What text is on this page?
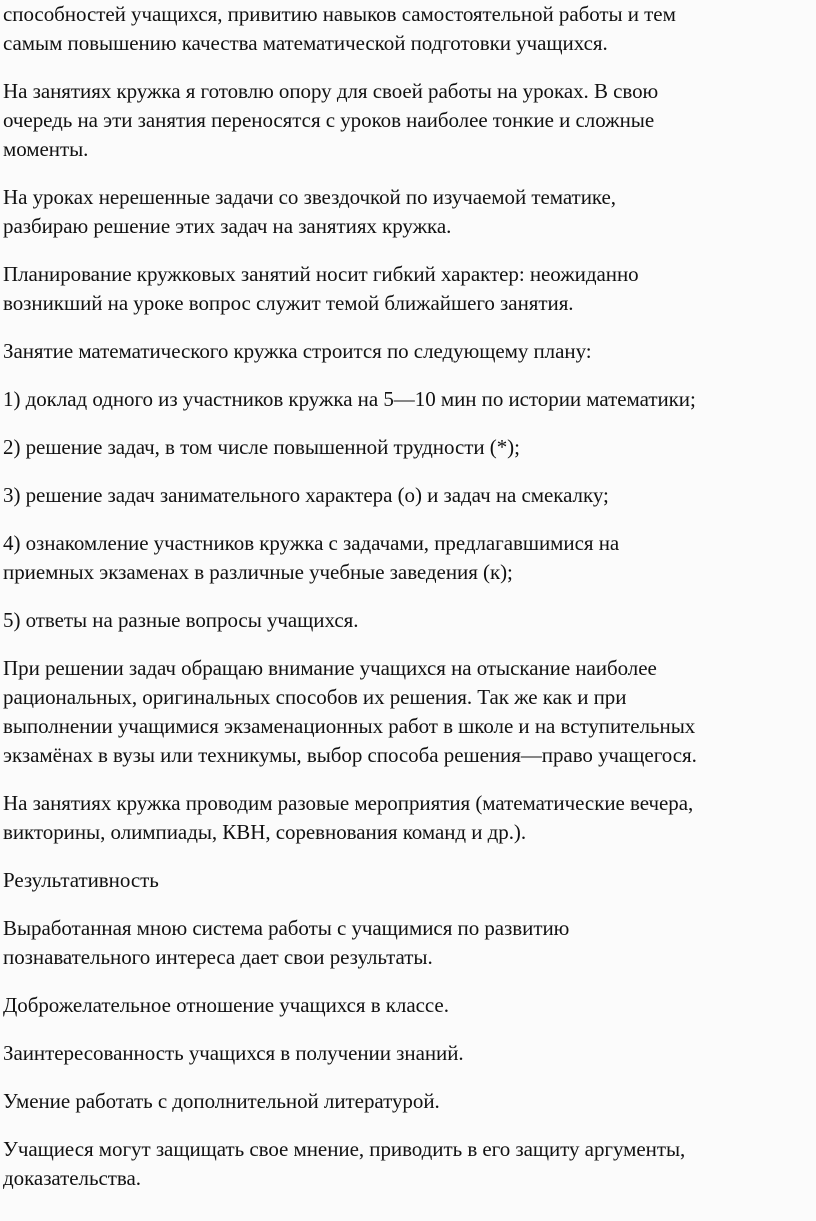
способностей учащихся, привитию навыков самостоятельной работы и тем
самым повышению качества математической подготовки учащихся.

На занятиях кружка я готовлю опору для своей работы на уроках. В свою
очередь на эти занятия переносятся с уроков наиболее тонкие и сложные
моменты.

На уроках нерешенные задачи со звездочкой по изучаемой тематике,
разбираю решение этих задач на занятиях кружка.

Планирование кружковых занятий носит гибкий характер: неожиданно
возникший на уроке вопрос служит темой ближайшего занятия.

Занятие математического кружка строится по следующему плану:

1) доклад одного из участников кружка на 5—10 мин по истории математики;

2) решение задач, в том числе повышенной трудности (*);

3) решение задач занимательного характера (о) и задач на смекалку;

4) ознакомление участников кружка с задачами, предлагавшимися на
приемных экзаменах в различные учебные заведения (к);

5) ответы на разные вопросы учащихся.

При решении задач обращаю внимание учащихся на отыскание наиболее
рациональных, оригинальных способов их решения. Так же как и при
выполнении учащимися экзаменационных работ в школе и на вступительных
экзамёнах в вузы или техникумы, выбор способа решения—право учащегося.

На занятиях кружка проводим разовые мероприятия (математические вечера,
викторины, олимпиады, КВН, соревнования команд и др.).

Результативность

Выработанная мною система работы с учащимися по развитию
познавательного интереса дает свои результаты.

Доброжелательное отношение учащихся в классе.

Заинтересованность учащихся в получении знаний.

Умение работать с дополнительной литературой.

Учащиеся могут защищать свое мнение, приводить в его защиту аргументы,
доказательства.
